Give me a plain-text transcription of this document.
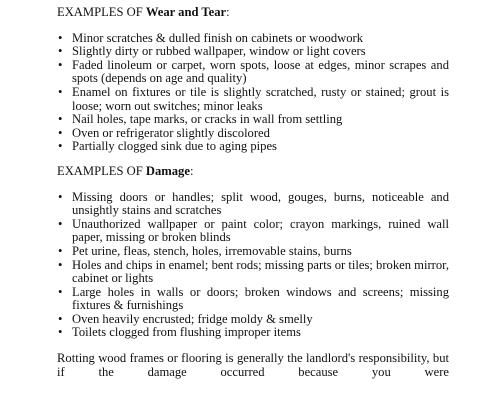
EXAMPLES OF Wear and Tear:

• Minor scratches & dulled finish on cabinets or woodwork
• Slightly dirty or rubbed wallpaper, window or light covers
• Faded linoleum or carpet, worn spots, loose at edges, minor scrapes and spots (depends on age and quality)
• Enamel on fixtures or tile is slightly scratched, rusty or stained; grout is loose; worn out switches; minor leaks
• Nail holes, tape marks, or cracks in wall from settling
• Oven or refrigerator slightly discolored
• Partially clogged sink due to aging pipes

EXAMPLES OF Damage:

• Missing doors or handles; split wood, gouges, burns, noticeable and unsightly stains and scratches
• Unauthorized wallpaper or paint color; crayon markings, ruined wall paper, missing or broken blinds
• Pet urine, fleas, stench, holes, irremovable stains, burns
• Holes and chips in enamel; bent rods; missing parts or tiles; broken mirror, cabinet or lights
• Large holes in walls or doors; broken windows and screens; missing fixtures & furnishings
• Oven heavily encrusted; fridge moldy & smelly
• Toilets clogged from flushing improper items

Rotting wood frames or flooring is generally the landlord's responsibility, but if the damage occurred because you were
